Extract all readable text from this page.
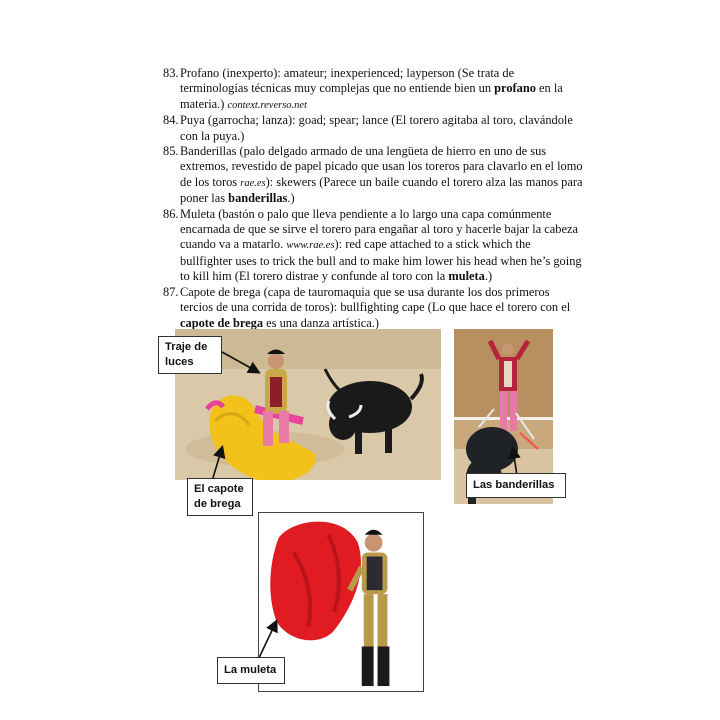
83. Profano (inexperto): amateur; inexperienced; layperson (Se trata de terminologías técnicas muy complejas que no entiende bien un profano en la materia.) context.reverso.net

84. Puya (garrocha; lanza): goad; spear; lance (El torero agitaba al toro, clavándole con la puya.)

85. Banderillas (palo delgado armado de una lengüeta de hierro en uno de sus extremos, revestido de papel picado que usan los toreros para clavarlo en el lomo de los toros rae.es): skewers (Parece un baile cuando el torero alza las manos para poner las banderillas.)

86. Muleta (bastón o palo que lleva pendiente a lo largo una capa comúnmente encarnada de que se sirve el torero para engañar al toro y hacerle bajar la cabeza cuando va a matarlo. www.rae.es): red cape attached to a stick which the bullfighter uses to trick the bull and to make him lower his head when he’s going to kill him (El torero distrae y confunde al toro con la muleta.)

87. Capote de brega (capa de tauromaquia que se usa durante los dos primeros tercios de una corrida de toros): bullfighting cape (Lo que hace el torero con el capote de brega es una danza artística.)

Traje de
luces
El capote
de brega
Las banderillas
La muleta
